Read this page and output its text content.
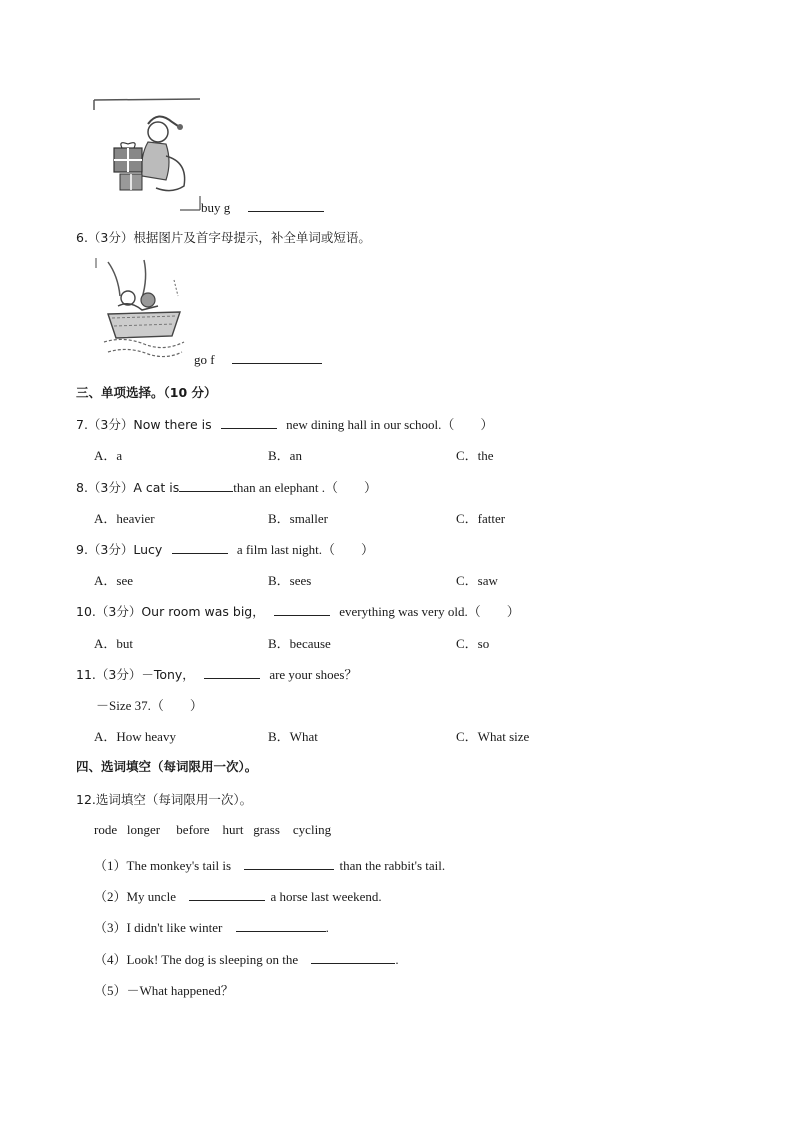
buy g
6.（3分）根据图片及首字母提示，补全单词或短语。
go f
三、单项选择。（10 分）
7.（3分）Now there is	new dining hall in our school.（　　）
A．a	B．an	C．the
8.（3分）A cat is	than an elephant .（　　）
A．heavier	B．smaller	C．fatter
9.（3分）Lucy	a film last night.（　　）
A．see	B．sees	C．saw
10.（3分）Our room was big，	everything was very old.（　　）
A．but	B．because	C．so
11.（3分）－Tony，	are your shoes？
－Size 37.（　　）
A．How heavy	B．What	C．What size
四、选词填空（每词限用一次）。
12.选词填空（每词限用一次）。
rode   longer     before    hurt   grass    cycling
（1）The monkey's tail is	than the rabbit's tail.
（2）My uncle	a horse last weekend.
（3）I didn't like winter	.
（4）Look! The dog is sleeping on the	.
（5）－What happened？
